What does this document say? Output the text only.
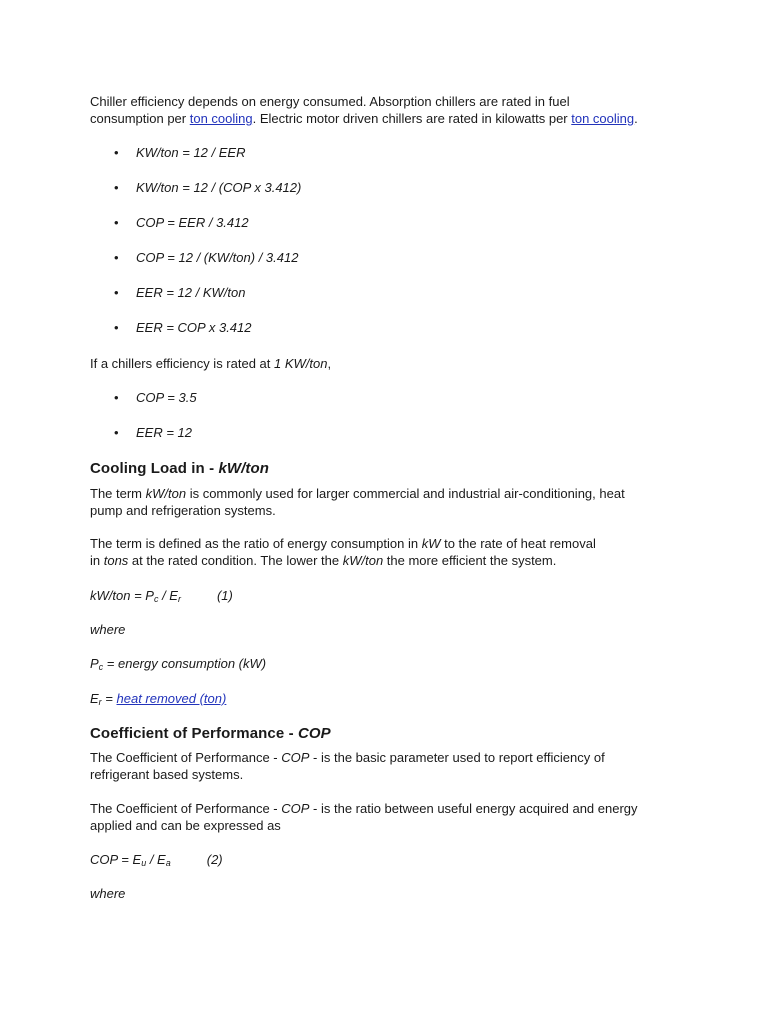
Chiller efficiency depends on energy consumed. Absorption chillers are rated in fuel
consumption per ton cooling. Electric motor driven chillers are rated in kilowatts per ton cooling.

• KW/ton = 12 / EER

• KW/ton = 12 / (COP x 3.412)

• COP = EER / 3.412

• COP = 12 / (KW/ton) / 3.412

• EER = 12 / KW/ton

• EER = COP x 3.412

If a chillers efficiency is rated at 1 KW/ton,

• COP = 3.5

• EER = 12

Cooling Load in - kW/ton

The term kW/ton is commonly used for larger commercial and industrial air-conditioning, heat
pump and refrigeration systems.

The term is defined as the ratio of energy consumption in kW to the rate of heat removal
in tons at the rated condition. The lower the kW/ton the more efficient the system.

$kW/ton = P_c / E_r$	(1)

where

$P_c$ = energy consumption (kW)

$E_r$ = heat removed (ton)

Coefficient of Performance - COP

The Coefficient of Performance - COP - is the basic parameter used to report efficiency of
refrigerant based systems.

The Coefficient of Performance - COP - is the ratio between useful energy acquired and energy
applied and can be expressed as

COP = $E_u / E_a$	(2)

where
